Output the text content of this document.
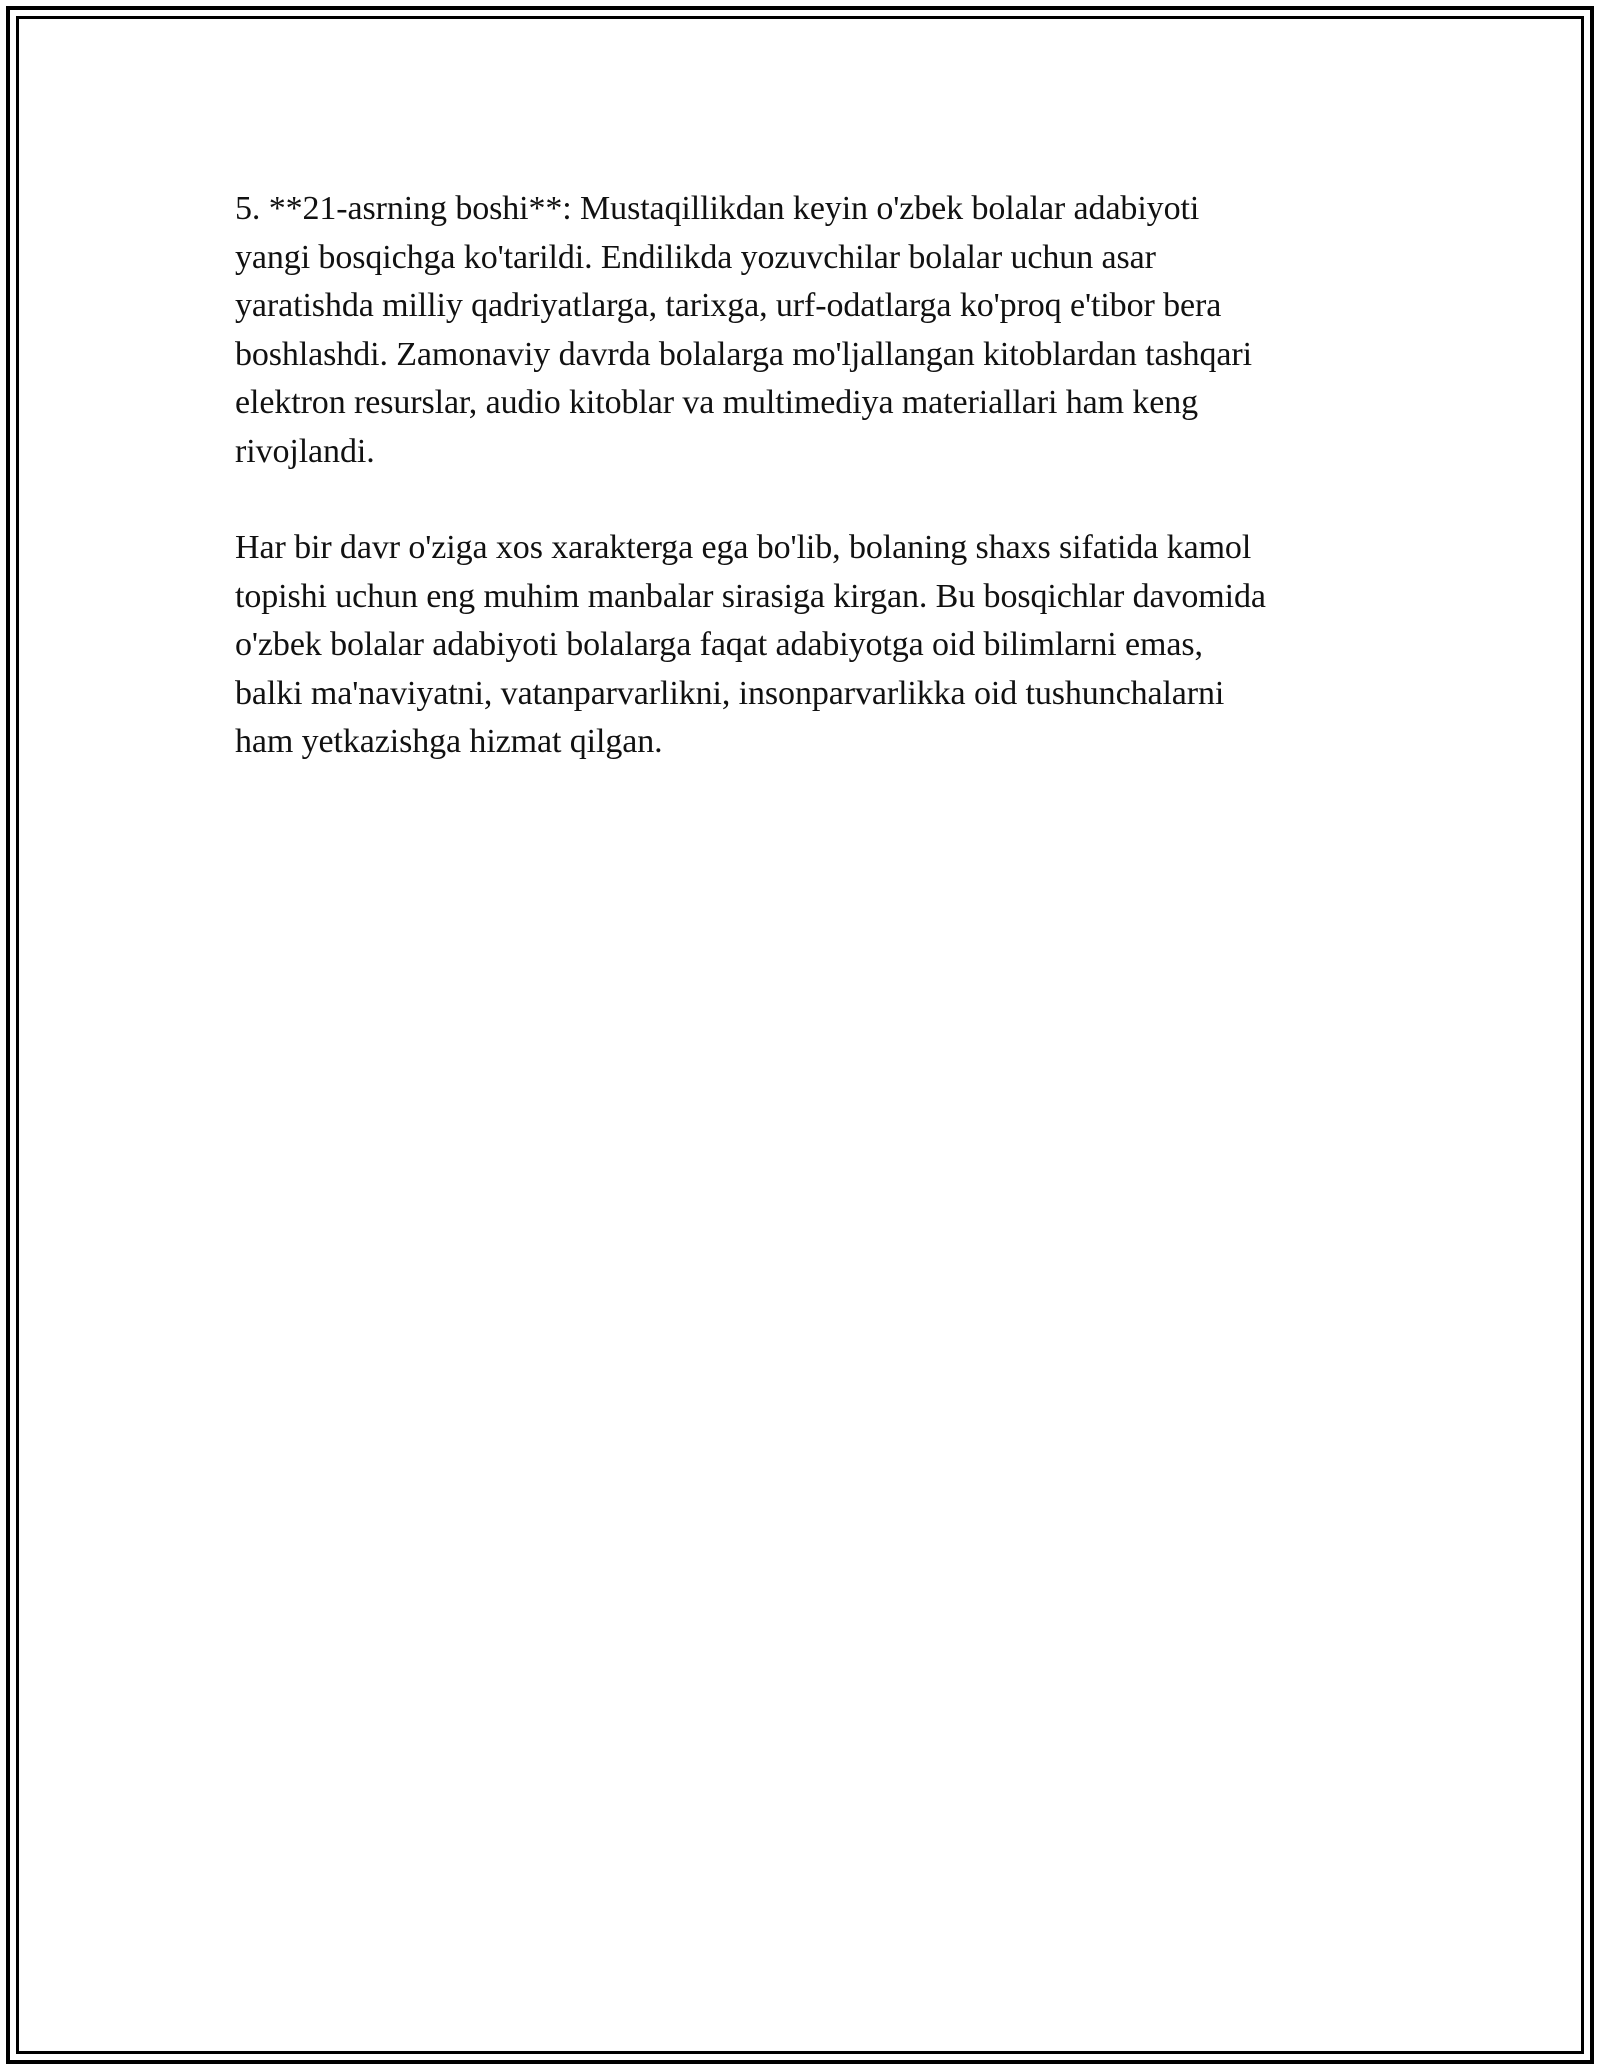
5. **21-asrning boshi**: Mustaqillikdan keyin o'zbek bolalar adabiyoti
yangi bosqichga ko'tarildi. Endilikda yozuvchilar bolalar uchun asar
yaratishda milliy qadriyatlarga, tarixga, urf-odatlarga ko'proq e'tibor bera
boshlashdi. Zamonaviy davrda bolalarga mo'ljallangan kitoblardan tashqari
elektron resurslar, audio kitoblar va multimediya materiallari ham keng
rivojlandi.

Har bir davr o'ziga xos xarakterga ega bo'lib, bolaning shaxs sifatida kamol
topishi uchun eng muhim manbalar sirasiga kirgan. Bu bosqichlar davomida
o'zbek bolalar adabiyoti bolalarga faqat adabiyotga oid bilimlarni emas,
balki ma'naviyatni, vatanparvarlikni, insonparvarlikka oid tushunchalarni
ham yetkazishga hizmat qilgan.
